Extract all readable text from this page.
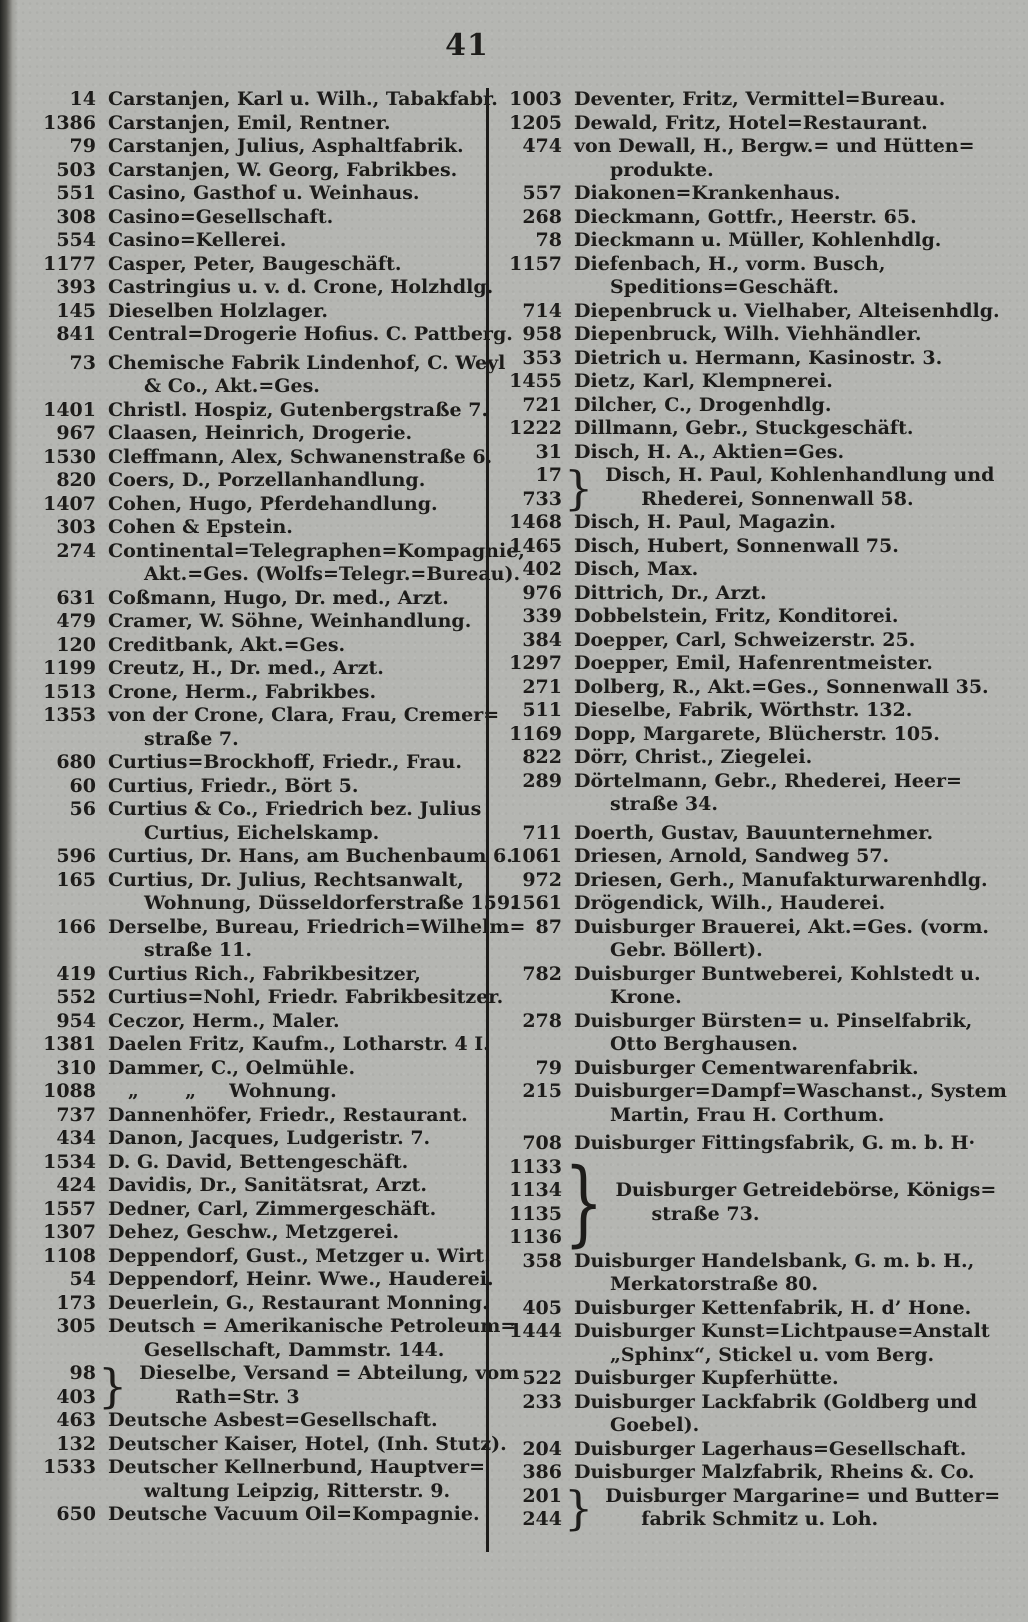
41
14 Carstanjen, Karl u. Wilh., Tabakfabr.
1386 Carstanjen, Emil, Rentner.
79 Carstanjen, Julius, Asphaltfabrik.
503 Carstanjen, W. Georg, Fabrikbes.
551 Casino, Gasthof u. Weinhaus.
308 Casino=Gesellschaft.
554 Casino=Kellerei.
1177 Casper, Peter, Baugeschäft.
393 Castringius u. v. d. Crone, Holzhdlg.
145 Dieselben Holzlager.
841 Central=Drogerie Hofius. C. Pattberg.
73 Chemische Fabrik Lindenhof, C. Weyl
& Co., Akt.=Ges.
1401 Christl. Hospiz, Gutenbergstraße 7.
967 Claasen, Heinrich, Drogerie.
1530 Cleffmann, Alex, Schwanenstraße 6.
820 Coers, D., Porzellanhandlung.
1407 Cohen, Hugo, Pferdehandlung.
303 Cohen & Epstein.
274 Continental=Telegraphen=Kompagnie,
Akt.=Ges. (Wolfs=Telegr.=Bureau).
631 Coßmann, Hugo, Dr. med., Arzt.
479 Cramer, W. Söhne, Weinhandlung.
120 Creditbank, Akt.=Ges.
1199 Creutz, H., Dr. med., Arzt.
1513 Crone, Herm., Fabrikbes.
1353 von der Crone, Clara, Frau, Cremer=
straße 7.
680 Curtius=Brockhoff, Friedr., Frau.
60 Curtius, Friedr., Bört 5.
56 Curtius & Co., Friedrich bez. Julius
Curtius, Eichelskamp.
596 Curtius, Dr. Hans, am Buchenbaum 6.
165 Curtius, Dr. Julius, Rechtsanwalt,
Wohnung, Düsseldorferstraße 159.
166 Derselbe, Bureau, Friedrich=Wilhelm=
straße 11.
419 Curtius Rich., Fabrikbesitzer,
552 Curtius=Nohl, Friedr. Fabrikbesitzer.
954 Ceczor, Herm., Maler.
1381 Daelen Fritz, Kaufm., Lotharstr. 4 I.
310 Dammer, C., Oelmühle.
1088 „       „     Wohnung.
737 Dannenhöfer, Friedr., Restaurant.
434 Danon, Jacques, Ludgeristr. 7.
1534 D. G. David, Bettengeschäft.
424 Davidis, Dr., Sanitätsrat, Arzt.
1557 Dedner, Carl, Zimmergeschäft.
1307 Dehez, Geschw., Metzgerei.
1108 Deppendorf, Gust., Metzger u. Wirt.
54 Deppendorf, Heinr. Wwe., Hauderei.
173 Deuerlein, G., Restaurant Monning.
305 Deutsch = Amerikanische Petroleum=
Gesellschaft, Dammstr. 144.
98
403 } Dieselbe, Versand = Abteilung, vom
Rath=Str. 3
463 Deutsche Asbest=Gesellschaft.
132 Deutscher Kaiser, Hotel, (Inh. Stutz).
1533 Deutscher Kellnerbund, Hauptver=
waltung Leipzig, Ritterstr. 9.
650 Deutsche Vacuum Oil=Kompagnie.
1003 Deventer, Fritz, Vermittel=Bureau.
1205 Dewald, Fritz, Hotel=Restaurant.
474 von Dewall, H., Bergw.= und Hütten=
produkte.
557 Diakonen=Krankenhaus.
268 Dieckmann, Gottfr., Heerstr. 65.
78 Dieckmann u. Müller, Kohlenhdlg.
1157 Diefenbach, H., vorm. Busch,
Speditions=Geschäft.
714 Diepenbruck u. Vielhaber, Alteisenhdlg.
958 Diepenbruck, Wilh. Viehhändler.
353 Dietrich u. Hermann, Kasinostr. 3.
1455 Dietz, Karl, Klempnerei.
721 Dilcher, C., Drogenhdlg.
1222 Dillmann, Gebr., Stuckgeschäft.
31 Disch, H. A., Aktien=Ges.
17
733 } Disch, H. Paul, Kohlenhandlung und
Rhederei, Sonnenwall 58.
1468 Disch, H. Paul, Magazin.
1465 Disch, Hubert, Sonnenwall 75.
402 Disch, Max.
976 Dittrich, Dr., Arzt.
339 Dobbelstein, Fritz, Konditorei.
384 Doepper, Carl, Schweizerstr. 25.
1297 Doepper, Emil, Hafenrentmeister.
271 Dolberg, R., Akt.=Ges., Sonnenwall 35.
511 Dieselbe, Fabrik, Wörthstr. 132.
1169 Dopp, Margarete, Blücherstr. 105.
822 Dörr, Christ., Ziegelei.
289 Dörtelmann, Gebr., Rhederei, Heer=
straße 34.
711 Doerth, Gustav, Bauunternehmer.
1061 Driesen, Arnold, Sandweg 57.
972 Driesen, Gerh., Manufakturwarenhdlg.
1561 Drögendick, Wilh., Hauderei.
87 Duisburger Brauerei, Akt.=Ges. (vorm.
Gebr. Böllert).
782 Duisburger Buntweberei, Kohlstedt u.
Krone.
278 Duisburger Bürsten= u. Pinselfabrik,
Otto Berghausen.
79 Duisburger Cementwarenfabrik.
215 Duisburger=Dampf=Waschanst., System
Martin, Frau H. Corthum.
708 Duisburger Fittingsfabrik, G. m. b. H·
1133
1134
1135
1136 } Duisburger Getreidebörse, Königs=
straße 73.
358 Duisburger Handelsbank, G. m. b. H.,
Merkatorstraße 80.
405 Duisburger Kettenfabrik, H. d’ Hone.
1444 Duisburger Kunst=Lichtpause=Anstalt
„Sphinx“, Stickel u. vom Berg.
522 Duisburger Kupferhütte.
233 Duisburger Lackfabrik (Goldberg und
Goebel).
204 Duisburger Lagerhaus=Gesellschaft.
386 Duisburger Malzfabrik, Rheins &. Co.
201
244 } Duisburger Margarine= und Butter=
fabrik Schmitz u. Loh.
